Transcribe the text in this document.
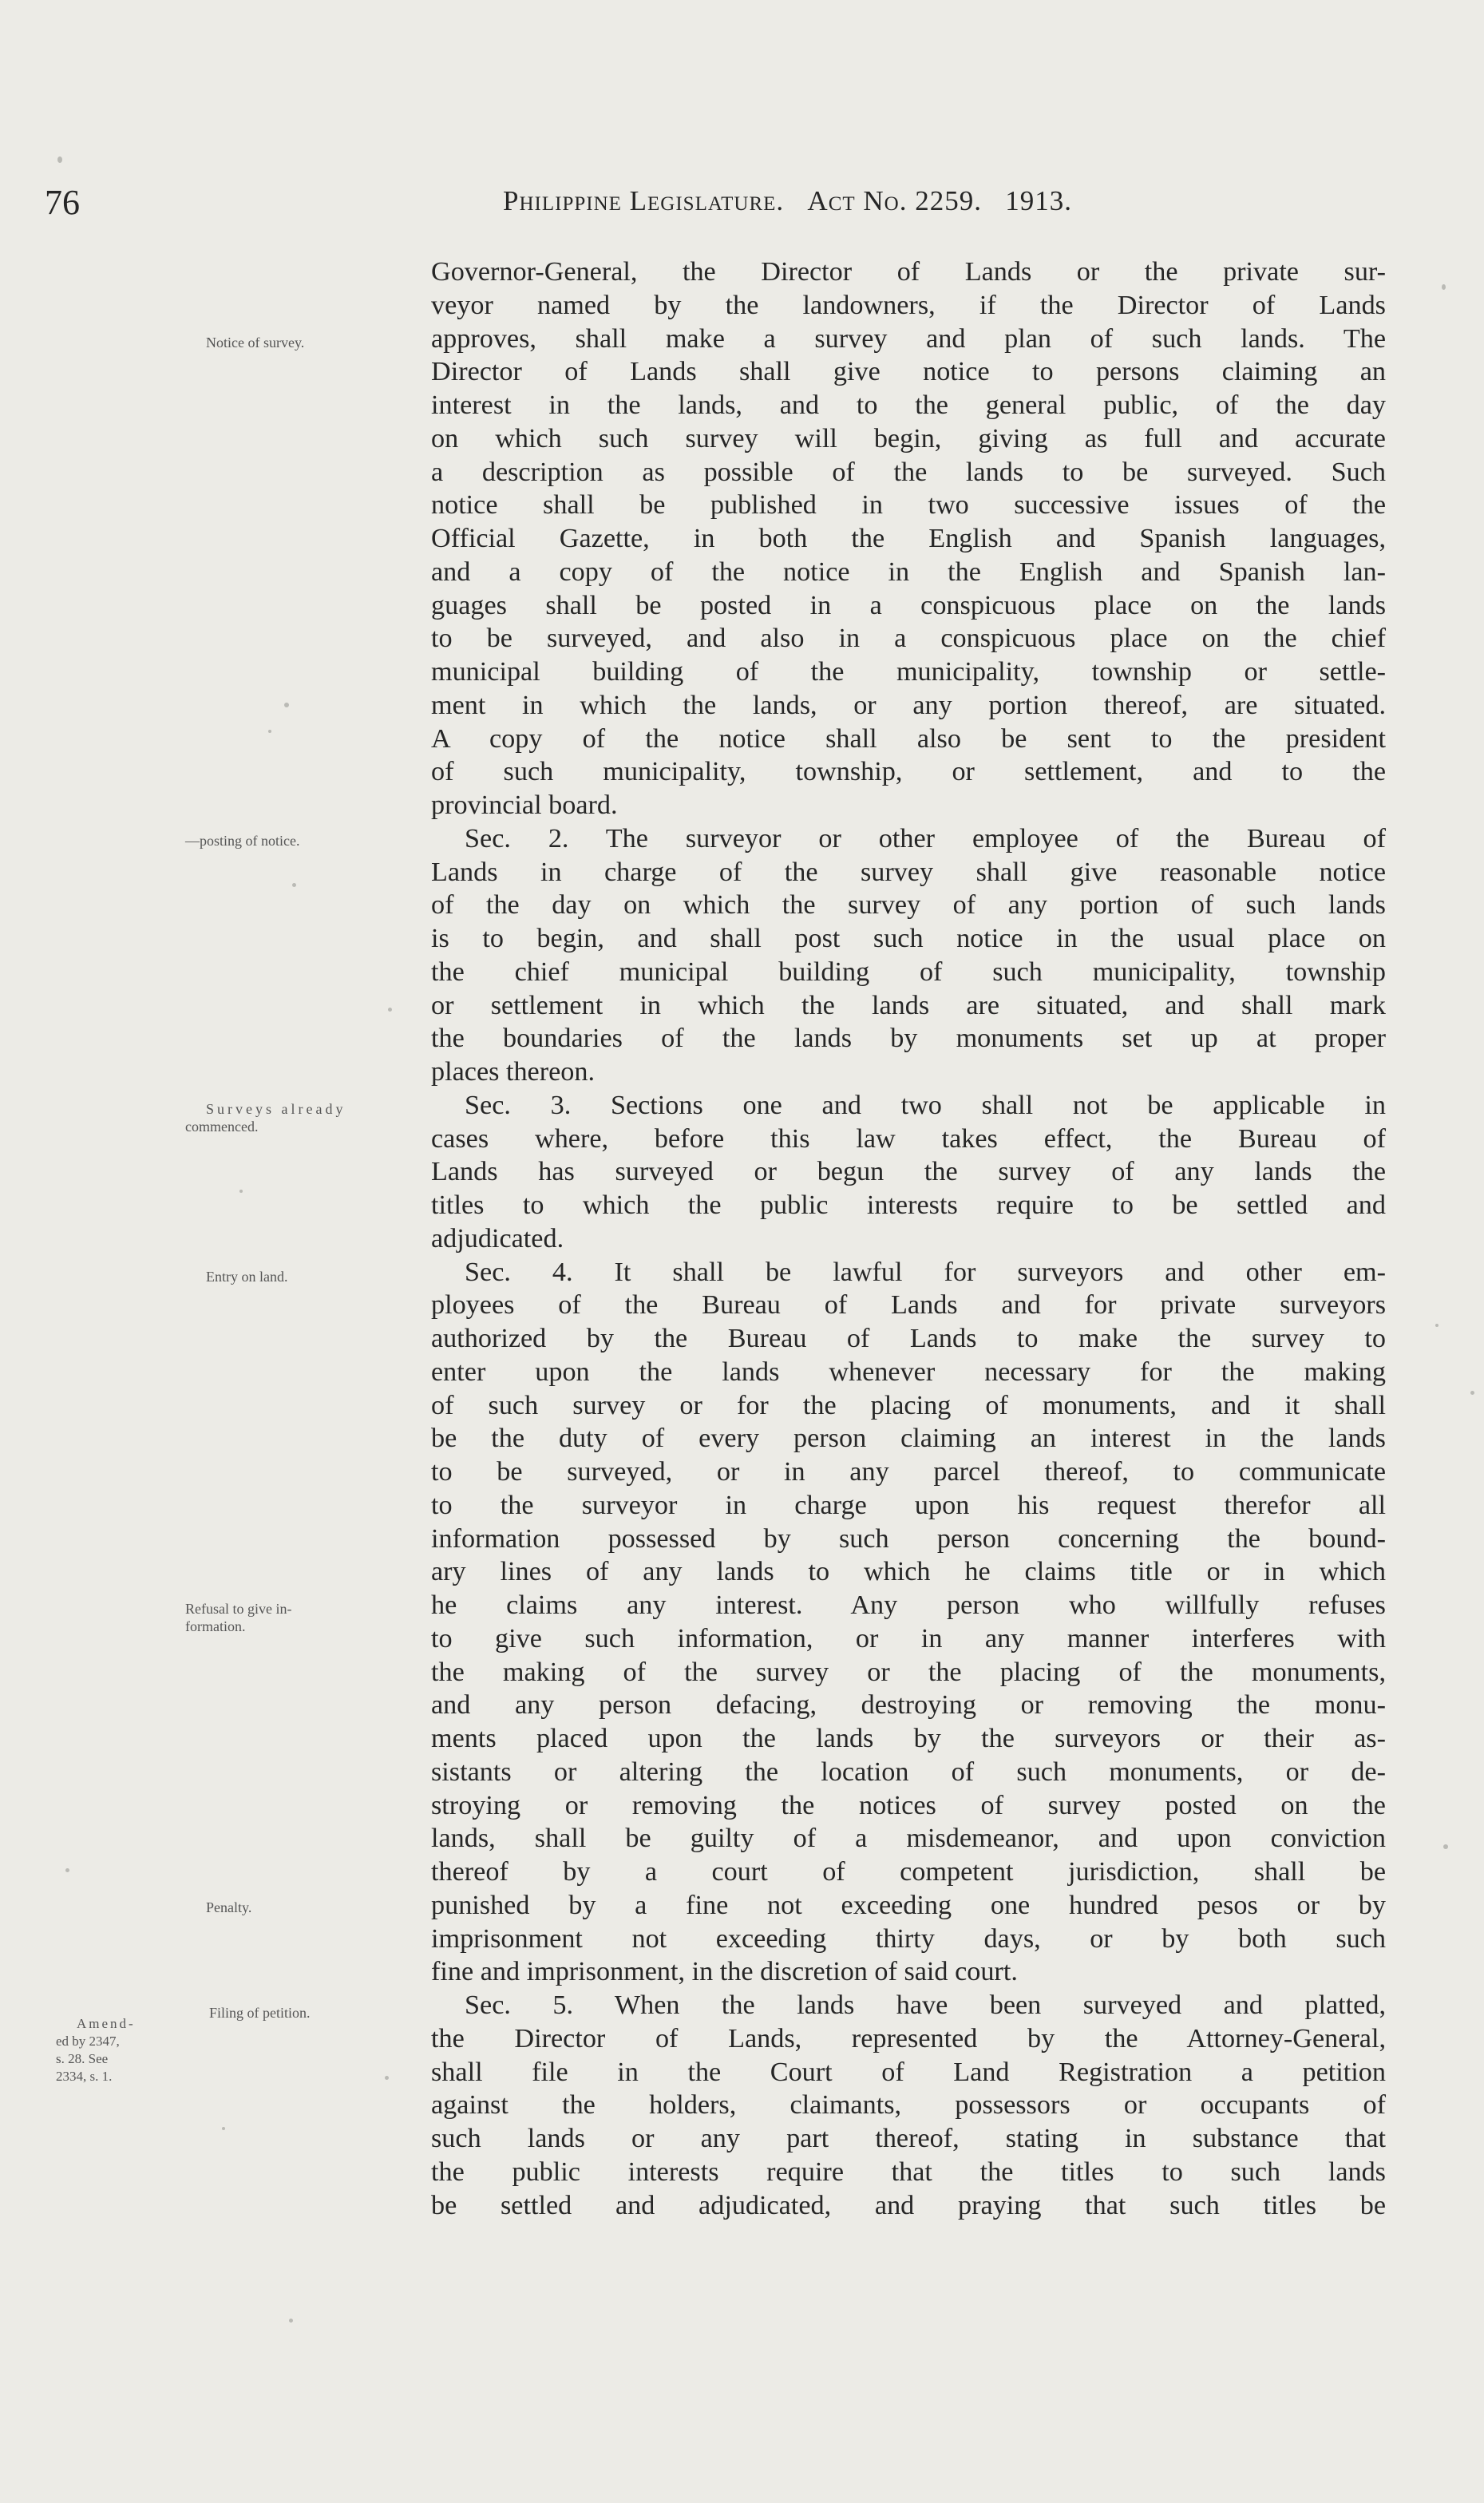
76	Philippine Legislature. Act No. 2259. 1913.
Notice of survey.
—posting of notice.
Surveys already
commenced.
Entry on land.
Refusal to give in-
formation.
Penalty.
Filing of petition.
Amend-
ed by 2347,
s. 28. See
2334, s. 1.
Governor-General, the Director of Lands or the private sur-
veyor named by the landowners, if the Director of Lands
approves, shall make a survey and plan of such lands. The
Director of Lands shall give notice to persons claiming an
interest in the lands, and to the general public, of the day
on which such survey will begin, giving as full and accurate
a description as possible of the lands to be surveyed. Such
notice shall be published in two successive issues of the
Official Gazette, in both the English and Spanish languages,
and a copy of the notice in the English and Spanish lan-
guages shall be posted in a conspicuous place on the lands
to be surveyed, and also in a conspicuous place on the chief
municipal building of the municipality, township or settle-
ment in which the lands, or any portion thereof, are situated.
A copy of the notice shall also be sent to the president
of such municipality, township, or settlement, and to the
provincial board.
Sec. 2. The surveyor or other employee of the Bureau of
Lands in charge of the survey shall give reasonable notice
of the day on which the survey of any portion of such lands
is to begin, and shall post such notice in the usual place on
the chief municipal building of such municipality, township
or settlement in which the lands are situated, and shall mark
the boundaries of the lands by monuments set up at proper
places thereon.
Sec. 3. Sections one and two shall not be applicable in
cases where, before this law takes effect, the Bureau of
Lands has surveyed or begun the survey of any lands the
titles to which the public interests require to be settled and
adjudicated.
Sec. 4. It shall be lawful for surveyors and other em-
ployees of the Bureau of Lands and for private surveyors
authorized by the Bureau of Lands to make the survey to
enter upon the lands whenever necessary for the making
of such survey or for the placing of monuments, and it shall
be the duty of every person claiming an interest in the lands
to be surveyed, or in any parcel thereof, to communicate
to the surveyor in charge upon his request therefor all
information possessed by such person concerning the bound-
ary lines of any lands to which he claims title or in which
he claims any interest. Any person who willfully refuses
to give such information, or in any manner interferes with
the making of the survey or the placing of the monuments,
and any person defacing, destroying or removing the monu-
ments placed upon the lands by the surveyors or their as-
sistants or altering the location of such monuments, or de-
stroying or removing the notices of survey posted on the
lands, shall be guilty of a misdemeanor, and upon conviction
thereof by a court of competent jurisdiction, shall be
punished by a fine not exceeding one hundred pesos or by
imprisonment not exceeding thirty days, or by both such
fine and imprisonment, in the discretion of said court.
Sec. 5. When the lands have been surveyed and platted,
the Director of Lands, represented by the Attorney-General,
shall file in the Court of Land Registration a petition
against the holders, claimants, possessors or occupants of
such lands or any part thereof, stating in substance that
the public interests require that the titles to such lands
be settled and adjudicated, and praying that such titles be
